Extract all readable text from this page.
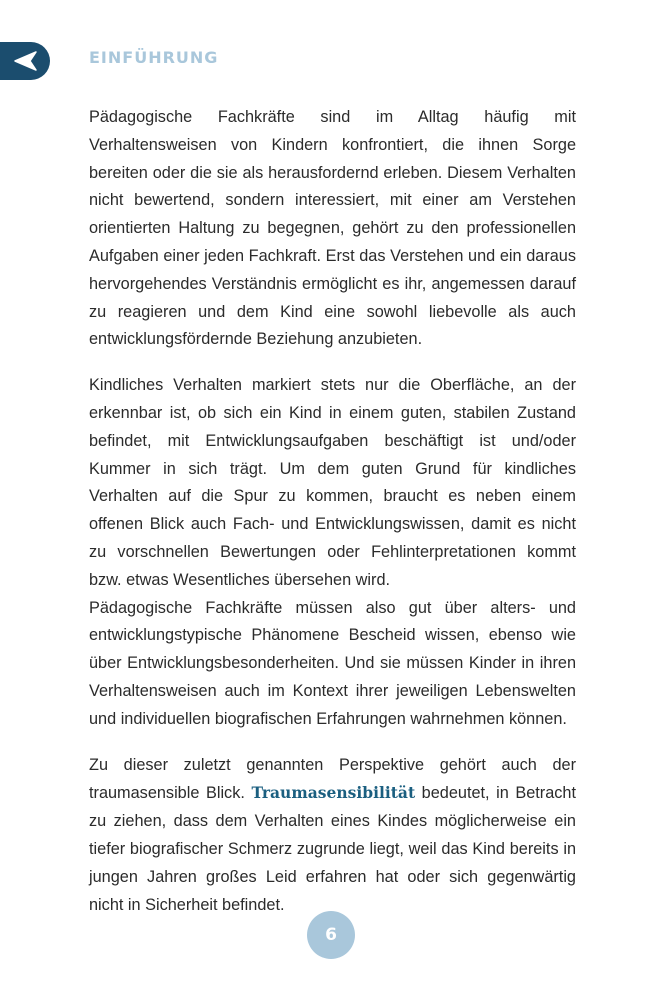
EINFÜHRUNG

Pädagogische Fachkräfte sind im Alltag häufig mit Verhaltensweisen von Kindern konfrontiert, die ihnen Sorge bereiten oder die sie als herausfordernd erleben. Diesem Verhalten nicht bewertend, sondern interessiert, mit einer am Verstehen orientierten Haltung zu begegnen, gehört zu den professionellen Aufgaben einer jeden Fachkraft. Erst das Verstehen und ein daraus hervorgehendes Verständnis ermöglicht es ihr, angemessen darauf zu reagieren und dem Kind eine sowohl liebevolle als auch entwicklungsfördernde Beziehung anzubieten.

Kindliches Verhalten markiert stets nur die Oberfläche, an der erkennbar ist, ob sich ein Kind in einem guten, stabilen Zustand befindet, mit Entwicklungsaufgaben beschäftigt ist und/oder Kummer in sich trägt. Um dem guten Grund für kindliches Verhalten auf die Spur zu kommen, braucht es neben einem offenen Blick auch Fach- und Entwicklungswissen, damit es nicht zu vorschnellen Bewertungen oder Fehlinterpretationen kommt bzw. etwas Wesentliches übersehen wird.

Pädagogische Fachkräfte müssen also gut über alters- und entwicklungstypische Phänomene Bescheid wissen, ebenso wie über Entwicklungsbesonderheiten. Und sie müssen Kinder in ihren Verhaltensweisen auch im Kontext ihrer jeweiligen Lebenswelten und individuellen biografischen Erfahrungen wahrnehmen können.

Zu dieser zuletzt genannten Perspektive gehört auch der traumasensible Blick. Traumasensibilität bedeutet, in Betracht zu ziehen, dass dem Verhalten eines Kindes möglicherweise ein tiefer biografischer Schmerz zugrunde liegt, weil das Kind bereits in jungen Jahren großes Leid erfahren hat oder sich gegenwärtig nicht in Sicherheit befindet.

6
